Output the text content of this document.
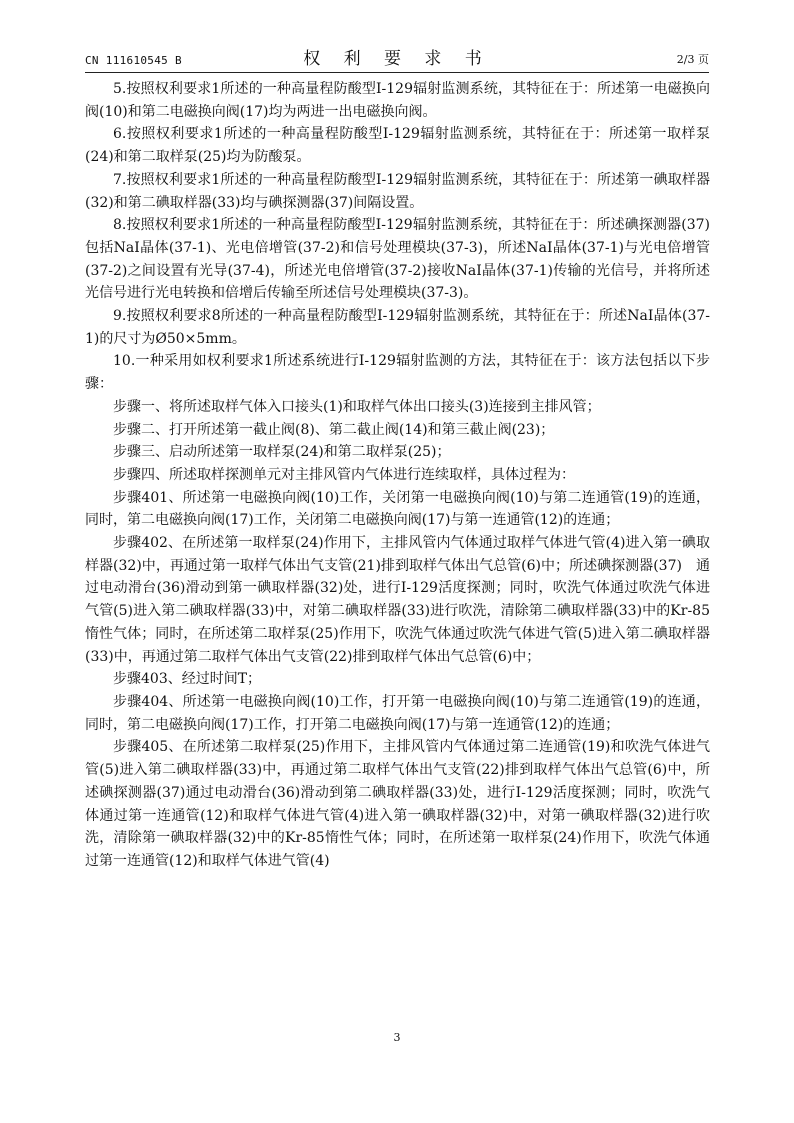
CN 111610545 B	权 利 要 求 书	2/3 页

5.按照权利要求1所述的一种高量程防酸型I-129辐射监测系统，其特征在于：所述第一电磁换向阀(10)和第二电磁换向阀(17)均为两进一出电磁换向阀。

6.按照权利要求1所述的一种高量程防酸型I-129辐射监测系统，其特征在于：所述第一取样泵(24)和第二取样泵(25)均为防酸泵。

7.按照权利要求1所述的一种高量程防酸型I-129辐射监测系统，其特征在于：所述第一碘取样器(32)和第二碘取样器(33)均与碘探测器(37)间隔设置。

8.按照权利要求1所述的一种高量程防酸型I-129辐射监测系统，其特征在于：所述碘探测器(37)包括NaI晶体(37-1)、光电倍增管(37-2)和信号处理模块(37-3)，所述NaI晶体(37-1)与光电倍增管(37-2)之间设置有光导(37-4)，所述光电倍增管(37-2)接收NaI晶体(37-1)传输的光信号，并将所述光信号进行光电转换和倍增后传输至所述信号处理模块(37-3)。

9.按照权利要求8所述的一种高量程防酸型I-129辐射监测系统，其特征在于：所述NaI晶体(37-1)的尺寸为Ø50×5mm。

10.一种采用如权利要求1所述系统进行I-129辐射监测的方法，其特征在于：该方法包括以下步骤：

步骤一、将所述取样气体入口接头(1)和取样气体出口接头(3)连接到主排风管；

步骤二、打开所述第一截止阀(8)、第二截止阀(14)和第三截止阀(23)；

步骤三、启动所述第一取样泵(24)和第二取样泵(25)；

步骤四、所述取样探测单元对主排风管内气体进行连续取样，具体过程为：

步骤401、所述第一电磁换向阀(10)工作，关闭第一电磁换向阀(10)与第二连通管(19)的连通，同时，第二电磁换向阀(17)工作，关闭第二电磁换向阀(17)与第一连通管(12)的连通；

步骤402、在所述第一取样泵(24)作用下，主排风管内气体通过取样气体进气管(4)进入第一碘取样器(32)中，再通过第一取样气体出气支管(21)排到取样气体出气总管(6)中；所述碘探测器(37)　通过电动滑台(36)滑动到第一碘取样器(32)处，进行I-129活度探测；同时，吹洗气体通过吹洗气体进气管(5)进入第二碘取样器(33)中，对第二碘取样器(33)进行吹洗，清除第二碘取样器(33)中的Kr-85惰性气体；同时，在所述第二取样泵(25)作用下，吹洗气体通过吹洗气体进气管(5)进入第二碘取样器(33)中，再通过第二取样气体出气支管(22)排到取样气体出气总管(6)中；

步骤403、经过时间T；

步骤404、所述第一电磁换向阀(10)工作，打开第一电磁换向阀(10)与第二连通管(19)的连通，同时，第二电磁换向阀(17)工作，打开第二电磁换向阀(17)与第一连通管(12)的连通；

步骤405、在所述第二取样泵(25)作用下，主排风管内气体通过第二连通管(19)和吹洗气体进气管(5)进入第二碘取样器(33)中，再通过第二取样气体出气支管(22)排到取样气体出气总管(6)中，所述碘探测器(37)通过电动滑台(36)滑动到第二碘取样器(33)处，进行I-129活度探测；同时，吹洗气体通过第一连通管(12)和取样气体进气管(4)进入第一碘取样器(32)中，对第一碘取样器(32)进行吹洗，清除第一碘取样器(32)中的Kr-85惰性气体；同时，在所述第一取样泵(24)作用下，吹洗气体通过第一连通管(12)和取样气体进气管(4)

3
